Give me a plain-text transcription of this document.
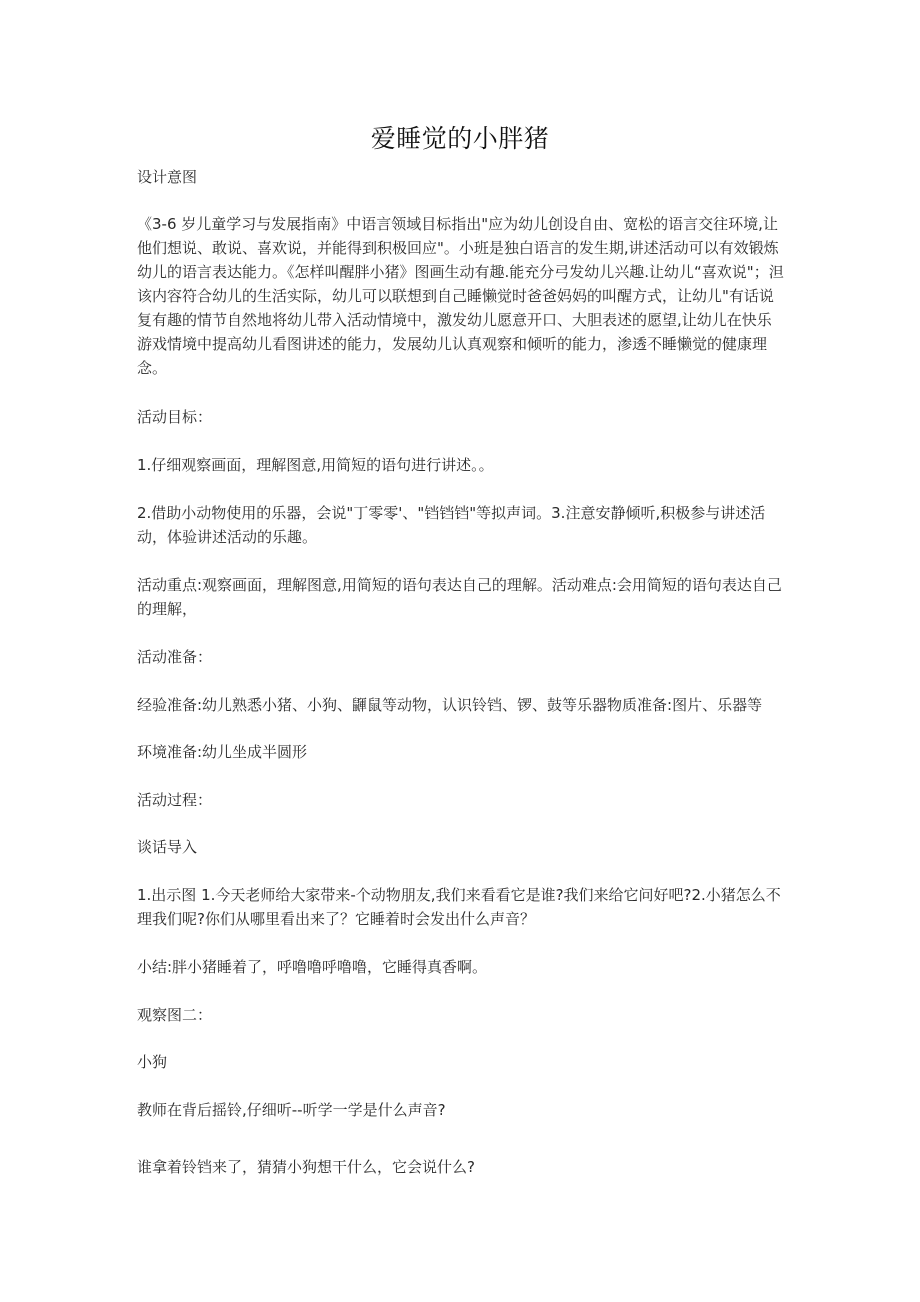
爱睡觉的小胖猪
设计意图
《3-6 岁儿童学习与发展指南》中语言领域目标指出"应为幼儿创设自由、宽松的语言交往环境,让他们想说、敢说、喜欢说，并能得到积极回应"。小班是独白语言的发生期,讲述活动可以有效锻炼幼儿的语言表达能力。《怎样叫醒胖小猪》图画生动有趣.能充分弓发幼儿兴趣.让幼儿“喜欢说"；泹该内容符合幼儿的生活实际，幼儿可以联想到自己睡懒觉时爸爸妈妈的叫醒方式，让幼儿"有话说复有趣的情节自然地将幼儿带入活动情境中，激发幼儿愿意开口、大胆表述的愿望,让幼儿在快乐游戏情境中提高幼儿看图讲述的能力，发展幼儿认真观察和倾听的能力，渗透不睡懒觉的健康理念。
活动目标：
1.仔细观察画面，理解图意,用简短的语句进行讲述。。
2.借助小动物使用的乐器，会说"丁零零'、"铛铛铛"等拟声词。3.注意安静倾听,积极参与讲述活动，体验讲述活动的乐趣。
活动重点:观察画面，理解图意,用简短的语句表达自己的理解。活动难点:会用简短的语句表达自己的理解，
活动准备：
经验准备:幼儿熟悉小猪、小狗、鼲鼠等动物，认识铃铛、锣、鼓等乐器物质准备:图片、乐器等
环境准备:幼儿坐成半圆形
活动过程：
谈话导入
1.出示图 1.今天老师给大家带来-个动物朋友,我们来看看它是谁?我们来给它问好吧?2.小猪怎么不理我们呢?你们从哪里看出来了？它睡着时会发出什么声音？
小结:胖小猪睡着了，呼噜噜呼噜噜，它睡得真香啊。
观察图二：
小狗
教师在背后摇铃,仔细听--听学一学是什么声音?
谁拿着铃铛来了，猜猜小狗想干什么，它会说什么?
